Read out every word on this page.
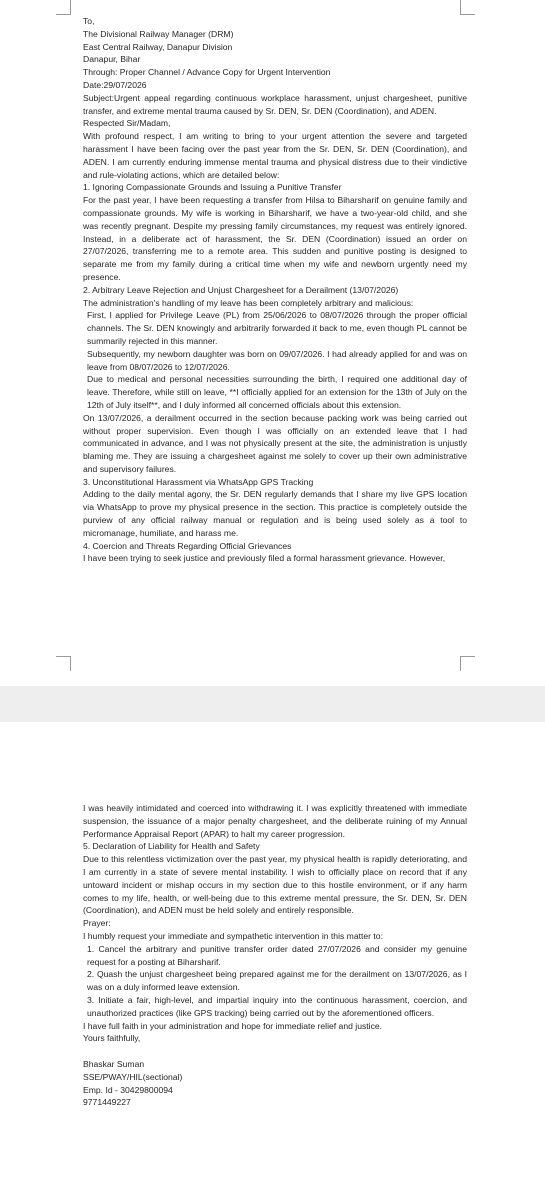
To,

The Divisional Railway Manager (DRM)

East Central Railway, Danapur Division

Danapur, Bihar

Through: Proper Channel / Advance Copy for Urgent Intervention

Date:29/07/2026

Subject:Urgent appeal regarding continuous workplace harassment, unjust chargesheet, punitive transfer, and extreme mental trauma caused by Sr. DEN, Sr. DEN (Coordination), and ADEN.

Respected Sir/Madam,

With profound respect, I am writing to bring to your urgent attention the severe and targeted harassment I have been facing over the past year from the Sr. DEN, Sr. DEN (Coordination), and ADEN. I am currently enduring immense mental trauma and physical distress due to their vindictive and rule-violating actions, which are detailed below:

1. Ignoring Compassionate Grounds and Issuing a Punitive Transfer

For the past year, I have been requesting a transfer from Hilsa to Biharsharif on genuine family and compassionate grounds. My wife is working in Biharsharif, we have a two-year-old child, and she was recently pregnant. Despite my pressing family circumstances, my request was entirely ignored. Instead, in a deliberate act of harassment, the Sr. DEN (Coordination) issued an order on 27/07/2026, transferring me to a remote area. This sudden and punitive posting is designed to separate me from my family during a critical time when my wife and newborn urgently need my presence.

2. Arbitrary Leave Rejection and Unjust Chargesheet for a Derailment (13/07/2026)

The administration's handling of my leave has been completely arbitrary and malicious:

First, I applied for Privilege Leave (PL) from 25/06/2026 to 08/07/2026 through the proper official channels. The Sr. DEN knowingly and arbitrarily forwarded it back to me, even though PL cannot be summarily rejected in this manner.

Subsequently, my newborn daughter was born on 09/07/2026. I had already applied for and was on leave from 08/07/2026 to 12/07/2026.

Due to medical and personal necessities surrounding the birth, I required one additional day of leave. Therefore, while still on leave, **I officially applied for an extension for the 13th of July on the 12th of July itself**, and I duly informed all concerned officials about this extension.

On 13/07/2026, a derailment occurred in the section because packing work was being carried out without proper supervision. Even though I was officially on an extended leave that I had communicated in advance, and I was not physically present at the site, the administration is unjustly blaming me. They are issuing a chargesheet against me solely to cover up their own administrative and supervisory failures.

3. Unconstitutional Harassment via WhatsApp GPS Tracking

Adding to the daily mental agony, the Sr. DEN regularly demands that I share my live GPS location via WhatsApp to prove my physical presence in the section. This practice is completely outside the purview of any official railway manual or regulation and is being used solely as a tool to micromanage, humiliate, and harass me.

4. Coercion and Threats Regarding Official Grievances

I have been trying to seek justice and previously filed a formal harassment grievance. However,

I was heavily intimidated and coerced into withdrawing it. I was explicitly threatened with immediate suspension, the issuance of a major penalty chargesheet, and the deliberate ruining of my Annual Performance Appraisal Report (APAR) to halt my career progression.

5. Declaration of Liability for Health and Safety

Due to this relentless victimization over the past year, my physical health is rapidly deteriorating, and I am currently in a state of severe mental instability. I wish to officially place on record that if any untoward incident or mishap occurs in my section due to this hostile environment, or if any harm comes to my life, health, or well-being due to this extreme mental pressure, the Sr. DEN, Sr. DEN (Coordination), and ADEN must be held solely and entirely responsible.

Prayer:

I humbly request your immediate and sympathetic intervention in this matter to:

1. Cancel the arbitrary and punitive transfer order dated 27/07/2026 and consider my genuine request for a posting at Biharsharif.

2. Quash the unjust chargesheet being prepared against me for the derailment on 13/07/2026, as I was on a duly informed leave extension.

3. Initiate a fair, high-level, and impartial inquiry into the continuous harassment, coercion, and unauthorized practices (like GPS tracking) being carried out by the aforementioned officers.

I have full faith in your administration and hope for immediate relief and justice.

Yours faithfully,

Bhaskar Suman

SSE/PWAY/HIL(sectional)

Emp. Id - 30429800094

9771449227
